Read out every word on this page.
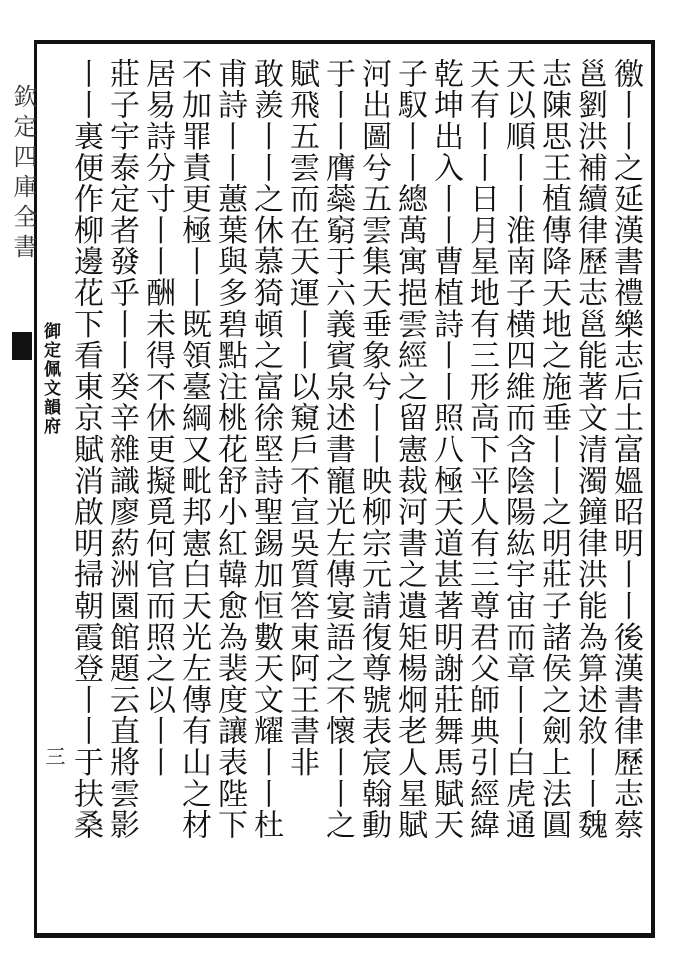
欽定四庫全書
御定佩文韻府
三	徼丨丨之延漢書禮樂志后土富媼昭明丨丨後漢書律歷志蔡
邕劉洪補續律歷志邕能著文清濁鐘律洪能為算述敘丨丨魏
志陳思王植傳降天地之施垂丨丨之明莊子諸侯之劍上法圓
天以順丨丨淮南子横四維而含陰陽紘宇宙而章丨丨白虎通
天有丨丨日月星地有三形高下平人有三尊君父師典引經緯
乾坤出入丨丨曹植詩丨丨照八極天道甚著明謝莊舞馬賦天
子馭丨丨總萬寓挹雲經之留憲裁河書之遺矩楊炯老人星賦
河出圖兮五雲集天垂象兮丨丨映柳宗元請復尊號表宸翰動
于丨丨膺蘂窮于六義賓泉述書寵光左傳宴語之不懷丨丨之
賦飛五雲而在天運丨丨以窺戶不宣吳質答東阿王書非
敢羨丨丨之休慕猗頓之富徐堅詩聖錫加恒數天文耀丨丨杜
甫詩丨丨蕙葉與多碧點注桃花舒小紅韓愈為裴度讓表陛下
不加罪責更極丨丨既領臺綱又毗邦憲白天光左傳有山之材
居易詩分寸丨丨酬未得不休更擬覓何官而照之以丨丨
莊子宇泰定者發乎丨丨癸辛雜識廖葯洲園館題云直將雲影
丨丨裏便作柳邊花下看東京賦消啟明掃朝霞登丨丨于扶桑
